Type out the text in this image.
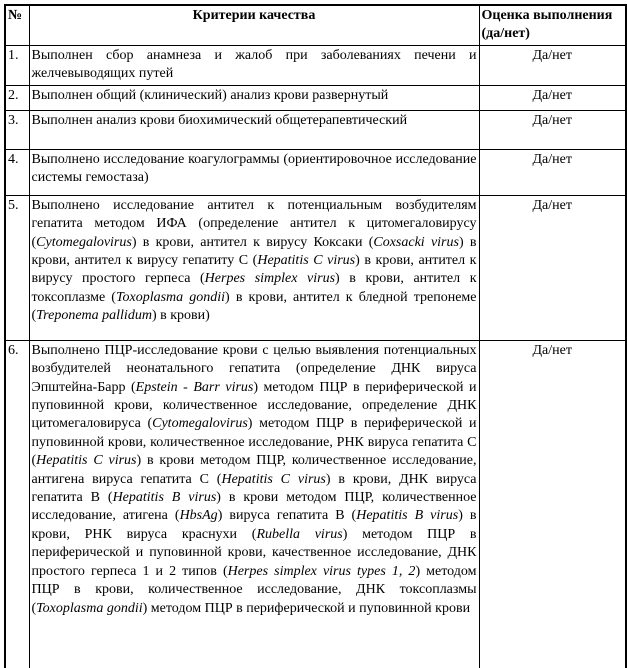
№	Критерии качества	Оценка выполнения (да/нет)
1.	Выполнен сбор анамнеза и жалоб при заболеваниях печени и желчевыводящих путей	Да/нет
2.	Выполнен общий (клинический) анализ крови развернутый	Да/нет
3.	Выполнен анализ крови биохимический общетерапевтический	Да/нет
4.	Выполнено исследование коагулограммы (ориентировочное исследование системы гемостаза)	Да/нет
5.	Выполнено исследование антител к потенциальным возбудителям гепатита методом ИФА (определение антител к цитомегаловирусу (Cytomegalovirus) в крови, антител к вирусу Коксаки (Coxsacki virus) в крови, антител к вирусу гепатиту С (Hepatitis C virus) в крови, антител к вирусу простого герпеса (Herpes simplex virus) в крови, антител к токсоплазме (Toxoplasma gondii) в крови, антител к бледной трепонеме (Treponema pallidum) в крови)	Да/нет
6.	Выполнено ПЦР-исследование крови с целью выявления потенциальных возбудителей неонатального гепатита (определение ДНК вируса Эпштейна-Барр (Epstein - Barr virus) методом ПЦР в периферической и пуповинной крови, количественное исследование, определение ДНК цитомегаловируса (Cytomegalovirus) методом ПЦР в периферической и пуповинной крови, количественное исследование, РНК вируса гепатита С (Hepatitis C virus) в крови методом ПЦР, количественное исследование, антигена вируса гепатита С (Hepatitis C virus) в крови, ДНК вируса гепатита В (Hepatitis B virus) в крови методом ПЦР, количественное исследование, атигена (HbsAg) вируса гепатита В (Hepatitis B virus) в крови, РНК вируса краснухи (Rubella virus) методом ПЦР в периферической и пуповинной крови, качественное исследование, ДНК простого герпеса 1 и 2 типов (Herpes simplex virus types 1, 2) методом ПЦР в крови, количественное исследование, ДНК токсоплазмы (Toxoplasma gondii) методом ПЦР в периферической и пуповинной крови	Да/нет
